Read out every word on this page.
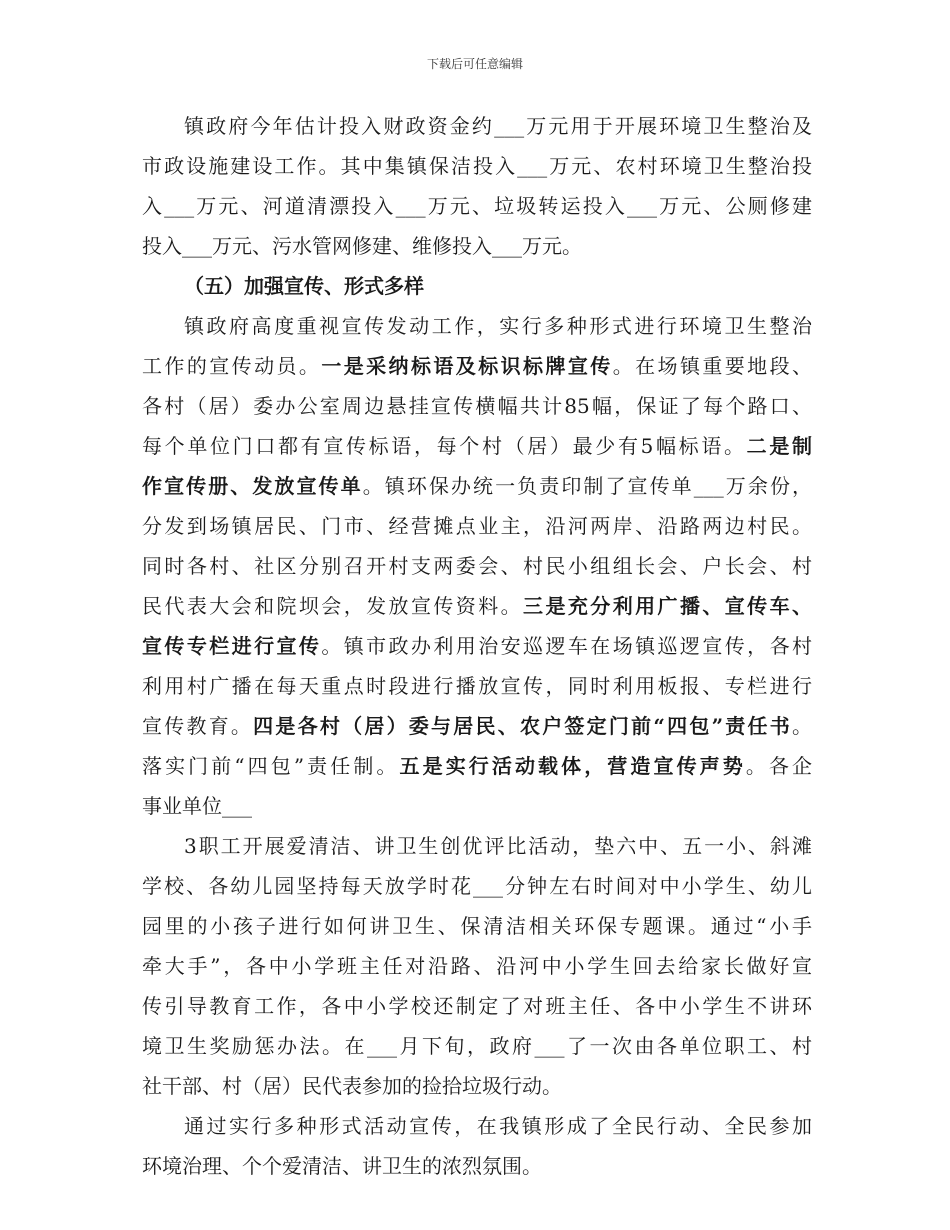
下载后可任意编辑
镇政府今年估计投入财政资金约___万元用于开展环境卫生整治及
市政设施建设工作。其中集镇保洁投入___万元、农村环境卫生整治投
入___万元、河道清漂投入___万元、垃圾转运投入___万元、公厕修建
投入___万元、污水管网修建、维修投入___万元。
（五）加强宣传、形式多样
镇政府高度重视宣传发动工作，实行多种形式进行环境卫生整治
工作的宣传动员。一是采纳标语及标识标牌宣传。在场镇重要地段、
各村（居）委办公室周边悬挂宣传横幅共计85幅，保证了每个路口、
每个单位门口都有宣传标语，每个村（居）最少有5幅标语。二是制
作宣传册、发放宣传单。镇环保办统一负责印制了宣传单___万余份，
分发到场镇居民、门市、经营摊点业主，沿河两岸、沿路两边村民。
同时各村、社区分别召开村支两委会、村民小组组长会、户长会、村
民代表大会和院坝会，发放宣传资料。三是充分利用广播、宣传车、
宣传专栏进行宣传。镇市政办利用治安巡逻车在场镇巡逻宣传，各村
利用村广播在每天重点时段进行播放宣传，同时利用板报、专栏进行
宣传教育。四是各村（居）委与居民、农户签定门前“四包”责任书。
落实门前“四包”责任制。五是实行活动载体，营造宣传声势。各企
事业单位___
3职工开展爱清洁、讲卫生创优评比活动，垫六中、五一小、斜滩
学校、各幼儿园坚持每天放学时花___分钟左右时间对中小学生、幼儿
园里的小孩子进行如何讲卫生、保清洁相关环保专题课。通过“小手
牵大手”，各中小学班主任对沿路、沿河中小学生回去给家长做好宣
传引导教育工作，各中小学校还制定了对班主任、各中小学生不讲环
境卫生奖励惩办法。在___月下旬，政府___了一次由各单位职工、村
社干部、村（居）民代表参加的捡拾垃圾行动。
通过实行多种形式活动宣传，在我镇形成了全民行动、全民参加
环境治理、个个爱清洁、讲卫生的浓烈氛围。
